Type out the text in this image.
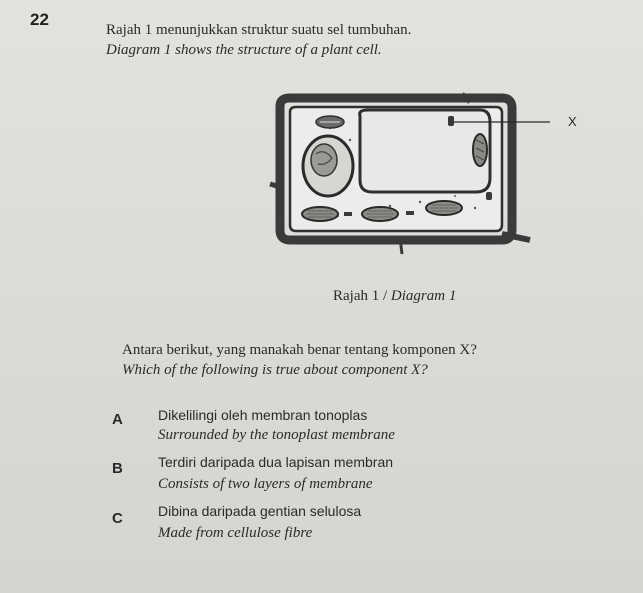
22
Rajah 1 menunjukkan struktur suatu sel tumbuhan.
Diagram 1 shows the structure of a plant cell.
X
Rajah 1 / Diagram 1
Antara berikut, yang manakah benar tentang komponen X?
Which of the following is true about component X?
A	Dikelilingi oleh membran tonoplas
Surrounded by the tonoplast membrane
B	Terdiri daripada dua lapisan membran
Consists of two layers of membrane
C	Dibina daripada gentian selulosa
Made from cellulose fibre
